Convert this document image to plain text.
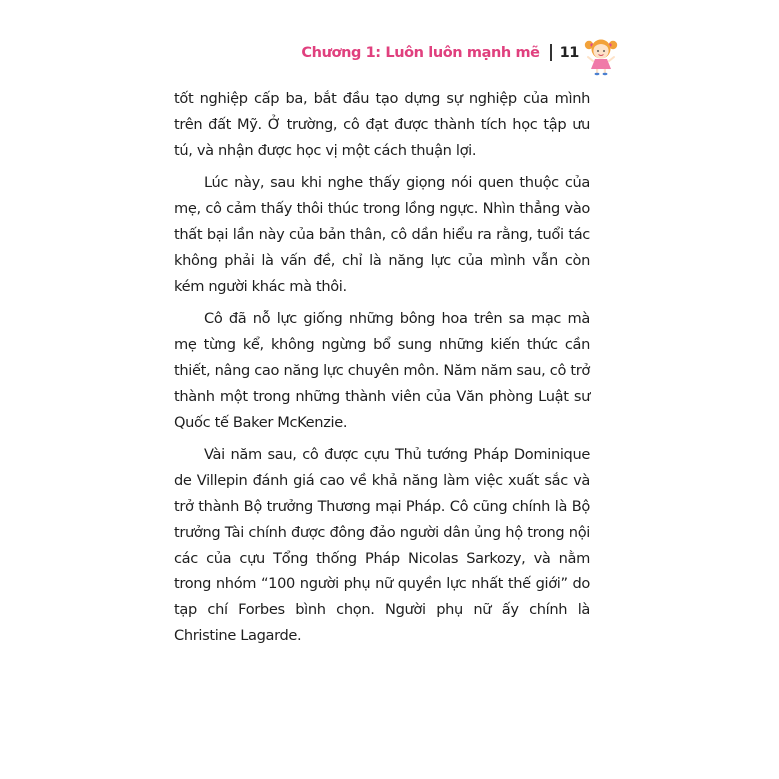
Chương 1: Luôn luôn mạnh mẽ 11

tốt nghiệp cấp ba, bắt đầu tạo dựng sự nghiệp của mình trên đất Mỹ. Ở trường, cô đạt được thành tích học tập ưu tú, và nhận được học vị một cách thuận lợi.

Lúc này, sau khi nghe thấy giọng nói quen thuộc của mẹ, cô cảm thấy thôi thúc trong lồng ngực. Nhìn thẳng vào thất bại lần này của bản thân, cô dần hiểu ra rằng, tuổi tác không phải là vấn đề, chỉ là năng lực của mình vẫn còn kém người khác mà thôi.

Cô đã nỗ lực giống những bông hoa trên sa mạc mà mẹ từng kể, không ngừng bổ sung những kiến thức cần thiết, nâng cao năng lực chuyên môn. Năm năm sau, cô trở thành một trong những thành viên của Văn phòng Luật sư Quốc tế Baker McKenzie.

Vài năm sau, cô được cựu Thủ tướng Pháp Dominique de Villepin đánh giá cao về khả năng làm việc xuất sắc và trở thành Bộ trưởng Thương mại Pháp. Cô cũng chính là Bộ trưởng Tài chính được đông đảo người dân ủng hộ trong nội các của cựu Tổng thống Pháp Nicolas Sarkozy, và nằm trong nhóm “100 người phụ nữ quyền lực nhất thế giới” do tạp chí Forbes bình chọn. Người phụ nữ ấy chính là Christine Lagarde.
